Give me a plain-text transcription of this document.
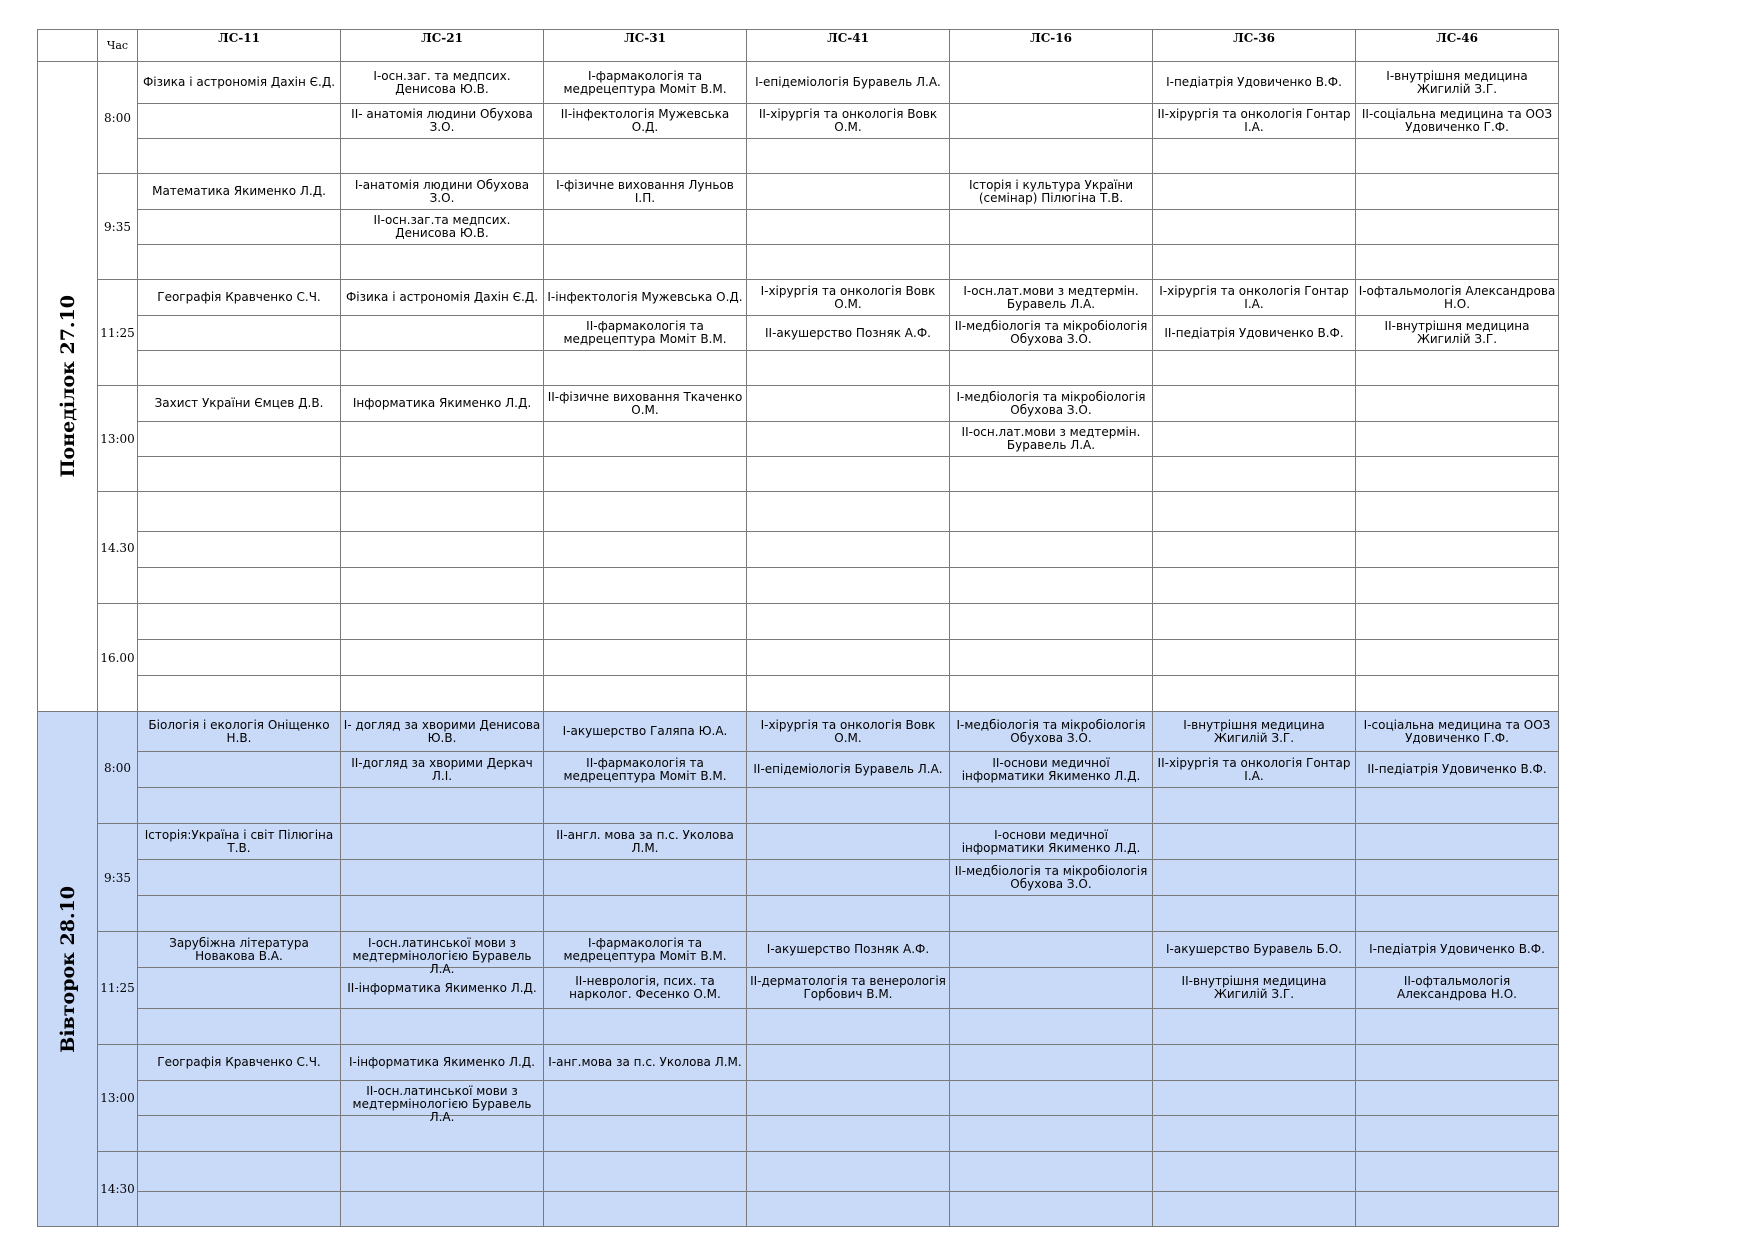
	Час	ЛС-11	ЛС-21	ЛС-31	ЛС-41	ЛС-16	ЛС-36	ЛС-46

Понеділок 27.10	8:00	Фізика і астрономія Дахін Є.Д.	I-осн.заг. та медпсих. Денисова Ю.В.	I-фармакологія та медрецептура Моміт В.М.	I-епідеміологія Буравель Л.А.		I-педіатрія Удовиченко В.Ф.	I-внутрішня медицина Жигилій З.Г.

			II- анатомія людини Обухова З.О.	II-інфектологія Мужевська О.Д.	II-хірургія та онкологія Вовк О.М.		II-хірургія та онкологія Гонтар I.А.	II-соціальна медицина та ООЗ Удовиченко Г.Ф.

	9:35	Математика Якименко Л.Д.	I-анатомія людини Обухова З.О.	I-фізичне виховання Луньов I.П.		Історія і культура України (семінар) Пілюгіна Т.В.		

			II-осн.заг.та медпсих. Денисова Ю.В.					

	11:25	Географія Кравченко С.Ч.	Фізика і астрономія Дахін Є.Д.	I-інфектологія Мужевська О.Д.	I-хірургія та онкологія Вовк О.М.	I-осн.лат.мови з медтермін. Буравель Л.А.	I-хірургія та онкологія Гонтар I.А.	I-офтальмологія Александрова Н.О.

				II-фармакологія та медрецептура Моміт В.М.	II-акушерство Позняк А.Ф.	II-медбіологія та мікробіологія Обухова З.О.	II-педіатрія Удовиченко В.Ф.	II-внутрішня медицина Жигилій З.Г.

	13:00	Захист України Ємцев Д.В.	Інформатика Якименко Л.Д.	II-фізичне виховання Ткаченко О.М.		I-медбіологія та мікробіологія Обухова З.О.		

						II-осн.лат.мови з медтермін. Буравель Л.А.		

	14.30	

	16.00	

Вівторок 28.10	8:00	Біологія і екологія Оніщенко Н.В.	I- догляд за хворими Денисова Ю.В.	I-акушерство Галяпа Ю.А.	I-хірургія та онкологія Вовк О.М.	I-медбіологія та мікробіологія Обухова З.О.	I-внутрішня медицина Жигилій З.Г.	I-соціальна медицина та ООЗ Удовиченко Г.Ф.

			II-догляд за хворими Деркач Л.I.	II-фармакологія та медрецептура Моміт В.М.	II-епідеміологія Буравель Л.А.	II-основи медичної інформатики Якименко Л.Д.	II-хірургія та онкологія Гонтар I.А.	II-педіатрія Удовиченко В.Ф.

	9:35	Історія:Україна і світ Пілюгіна Т.В.		II-англ. мова за п.с. Уколова Л.М.		I-основи медичної інформатики Якименко Л.Д.		

						II-медбіологія та мікробіологія Обухова З.О.		

	11:25	Зарубіжна література Новакова В.А.	I-осн.латинської мови з медтермінологією Буравель Л.А.	I-фармакологія та медрецептура Моміт В.М.	I-акушерство Позняк А.Ф.		I-акушерство Буравель Б.О.	I-педіатрія Удовиченко В.Ф.

			II-інформатика Якименко Л.Д.	II-неврологія, псих. та нарколог. Фесенко О.М.	II-дерматологія та венерологія Горбович В.М.		II-внутрішня медицина Жигилій З.Г.	II-офтальмологія Александрова Н.О.

	13:00	Географія Кравченко С.Ч.	I-інформатика Якименко Л.Д.	I-анг.мова за п.с. Уколова Л.М.				

			II-осн.латинської мови з медтермінологією Буравель Л.А.					

	14:30	
